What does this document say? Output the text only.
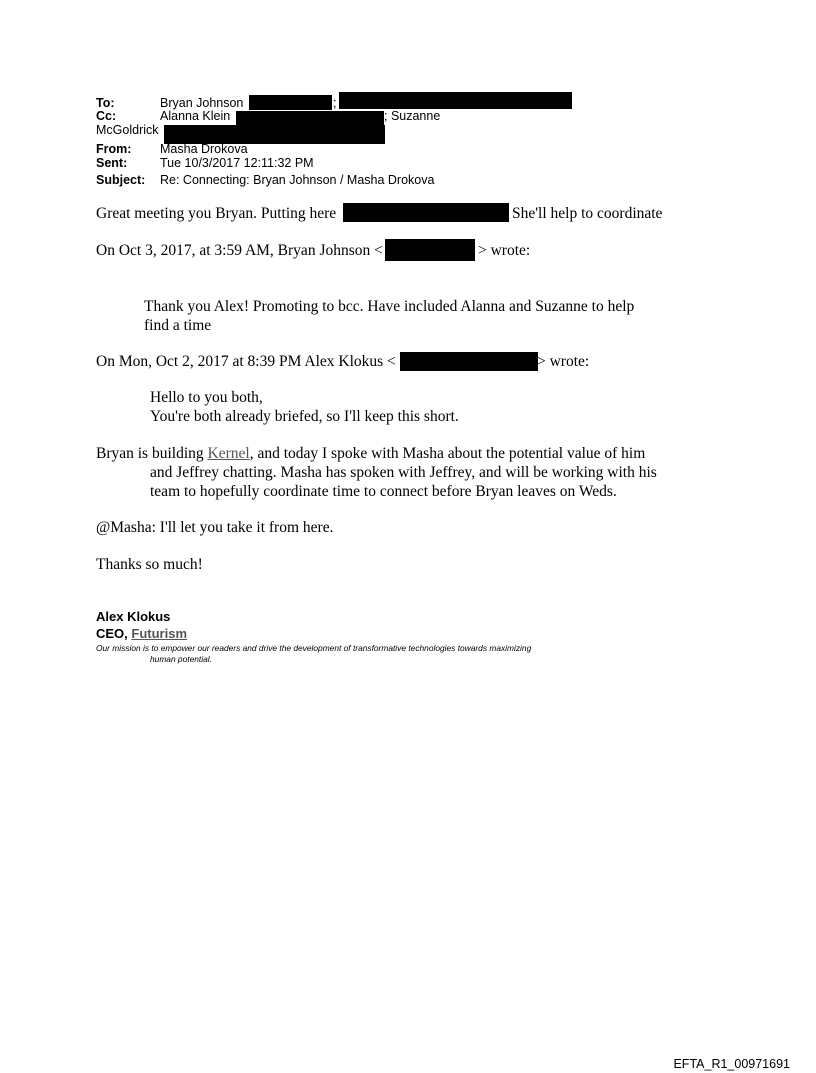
To:	Bryan Johnson	;
Cc:	Alanna Klein	; Suzanne
McGoldrick
From: Masha Drokova
Sent:	Tue 10/3/2017 12:11:32 PM
Subject: Re: Connecting: Bryan Johnson / Masha Drokova
Great meeting you Bryan. Putting here	She'll help to coordinate
On Oct 3, 2017, at 3:59 AM, Bryan Johnson <	> wrote:
Thank you Alex! Promoting to bcc. Have included Alanna and Suzanne to help
find a time
On Mon, Oct 2, 2017 at 8:39 PM Alex Klokus <	> wrote:
Hello to you both,
You're both already briefed, so I'll keep this short.
Bryan is building Kernel, and today I spoke with Masha about the potential value of him
and Jeffrey chatting. Masha has spoken with Jeffrey, and will be working with his
team to hopefully coordinate time to connect before Bryan leaves on Weds.
@Masha: I'll let you take it from here.
Thanks so much!
Alex Klokus
CEO, Futurism
Our mission is to empower our readers and drive the development of transformative technologies towards maximizing
human potential.
EFTA_R1_00971691
